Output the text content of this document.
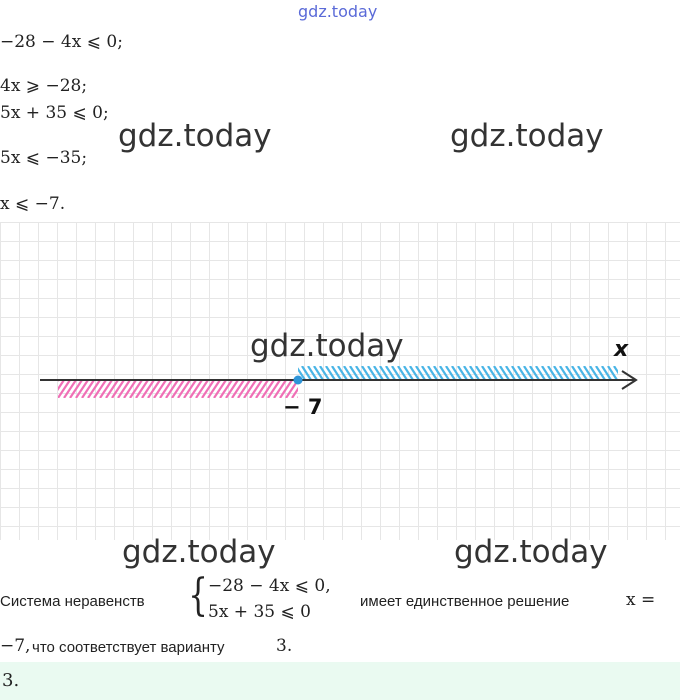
gdz.today
−28 − 4x ⩽ 0;
4x ⩾ −28;
5x + 35 ⩽ 0;
5x ⩽ −35;
x ⩽ −7.
gdz.today	gdz.today
x
− 7
gdz.today
gdz.today	gdz.today
Система неравенств { −28 − 4x ⩽ 0,
5x + 35 ⩽ 0
имеет единственное решение	x =
−7, что соответствует варианту	3.
3.
